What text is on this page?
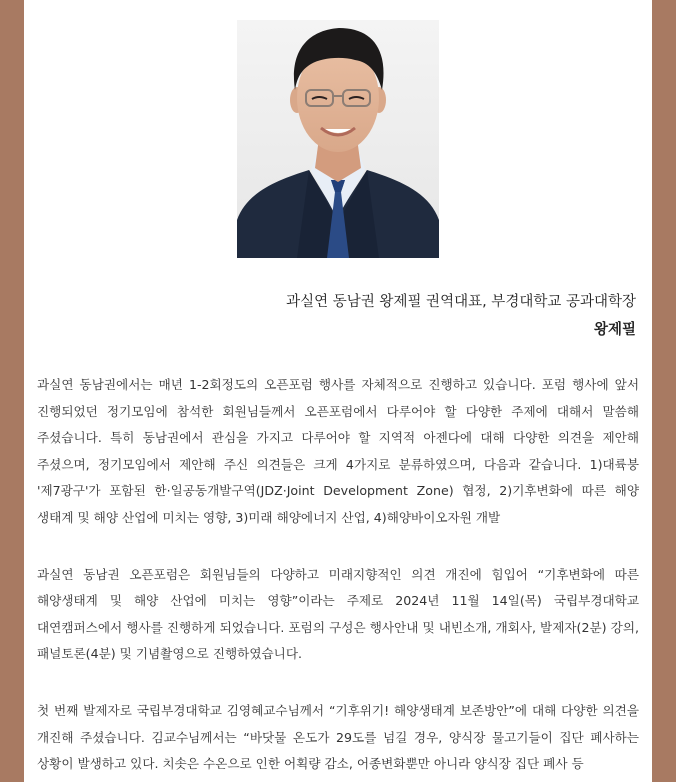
과실연 동남권 왕제필 권역대표, 부경대학교 공과대학장
왕제필

과실연 동남권에서는 매년 1-2회정도의 오픈포럼 행사를 자체적으로 진행하고 있습니다. 포럼 행사에 앞서 진행되었던 정기모임에 참석한 회원님들께서 오픈포럼에서 다루어야 할 다양한 주제에 대해서 말씀해 주셨습니다. 특히 동남권에서 관심을 가지고 다루어야 할 지역적 아젠다에 대해 다양한 의견을 제안해 주셨으며, 정기모임에서 제안해 주신 의견들은 크게 4가지로 분류하였으며, 다음과 같습니다. 1)대륙붕 '제7광구'가 포함된 한·일공동개발구역(JDZ·Joint Development Zone) 협정, 2)기후변화에 따른 해양 생태계 및 해양 산업에 미치는 영향, 3)미래 해양에너지 산업, 4)해양바이오자원 개발

과실연 동남권 오픈포럼은 회원님들의 다양하고 미래지향적인 의견 개진에 힘입어 “기후변화에 따른 해양생태계 및 해양 산업에 미치는 영향”이라는 주제로 2024년 11월 14일(목) 국립부경대학교 대연캠퍼스에서 행사를 진행하게 되었습니다. 포럼의 구성은 행사안내 및 내빈소개, 개회사, 발제자(2분) 강의, 패널토론(4분) 및 기념촬영으로 진행하였습니다.

첫 번째 발제자로 국립부경대학교 김영혜교수님께서 “기후위기! 해양생태계 보존방안”에 대해 다양한 의견을 개진해 주셨습니다. 김교수님께서는 “바닷물 온도가 29도를 넘길 경우, 양식장 물고기들이 집단 폐사하는 상황이 발생하고 있다. 치솟은 수온으로 인한 어획량 감소, 어종변화뿐만 아니라 양식장 집단 폐사 등
